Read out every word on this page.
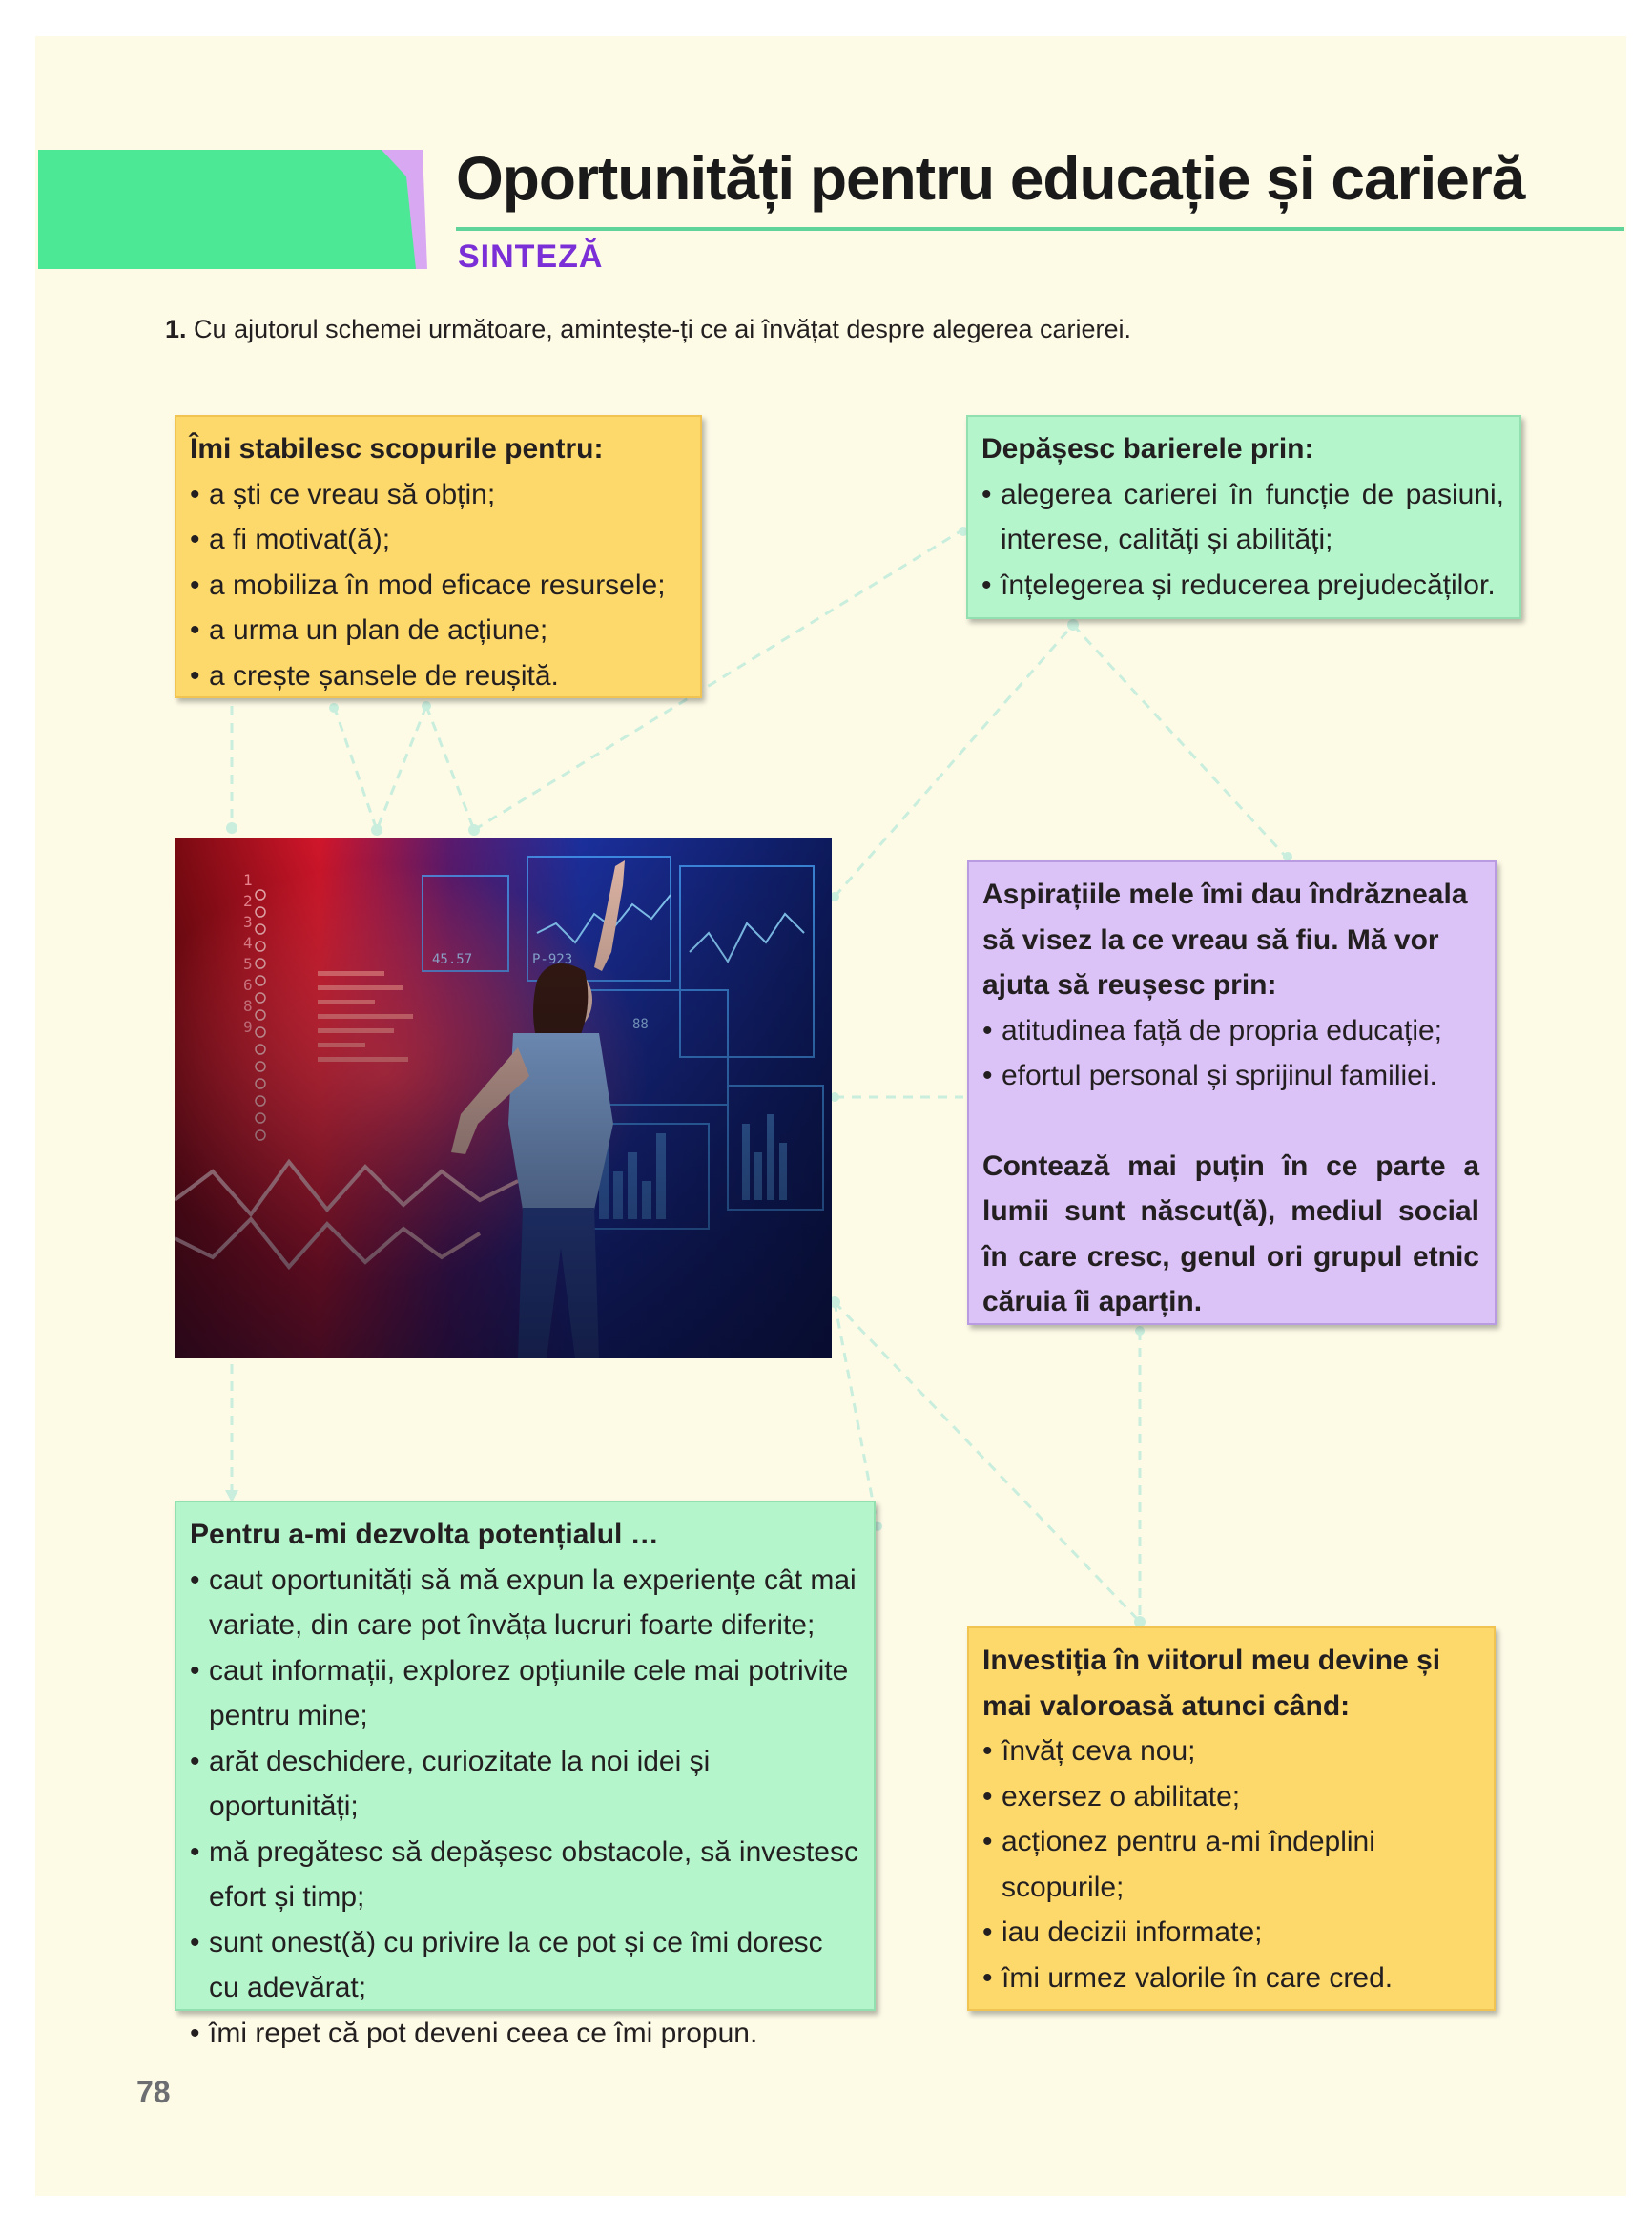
Oportunități pentru educație și carieră
SINTEZĂ

1. Cu ajutorul schemei următoare, amintește-ți ce ai învățat despre alegerea carierei.

Îmi stabilesc scopurile pentru:

• a ști ce vreau să obțin;
• a fi motivat(ă);
• a mobiliza în mod eficace resursele;
• a urma un plan de acțiune;
• a crește șansele de reușită.

Depășesc barierele prin:

• alegerea carierei în funcție de pasiuni, interese, calități și abilități;
• înțelegerea și reducerea prejudecăților.

Aspirațiile mele îmi dau îndrăzneala să visez la ce vreau să fiu. Mă vor ajuta să reușesc prin:

• atitudinea față de propria educație;
• efortul personal și sprijinul familiei.

Contează mai puțin în ce parte a lumii sunt născut(ă), mediul social în care cresc, genul ori grupul etnic căruia îi aparțin.

Pentru a-mi dezvolta potențialul …

• caut oportunități să mă expun la experiențe cât mai variate, din care pot învăța lucruri foarte diferite;
• caut informații, explorez opțiunile cele mai potrivite pentru mine;
• arăt deschidere, curiozitate la noi idei și oportunități;
• mă pregătesc să depășesc obstacole, să investesc efort și timp;
• sunt onest(ă) cu privire la ce pot și ce îmi doresc cu adevărat;
• îmi repet că pot deveni ceea ce îmi propun.

Investiția în viitorul meu devine și mai valoroasă atunci când:

• învăț ceva nou;
• exersez o abilitate;
• acționez pentru a-mi îndeplini scopurile;
• iau decizii informate;
• îmi urmez valorile în care cred.

78
